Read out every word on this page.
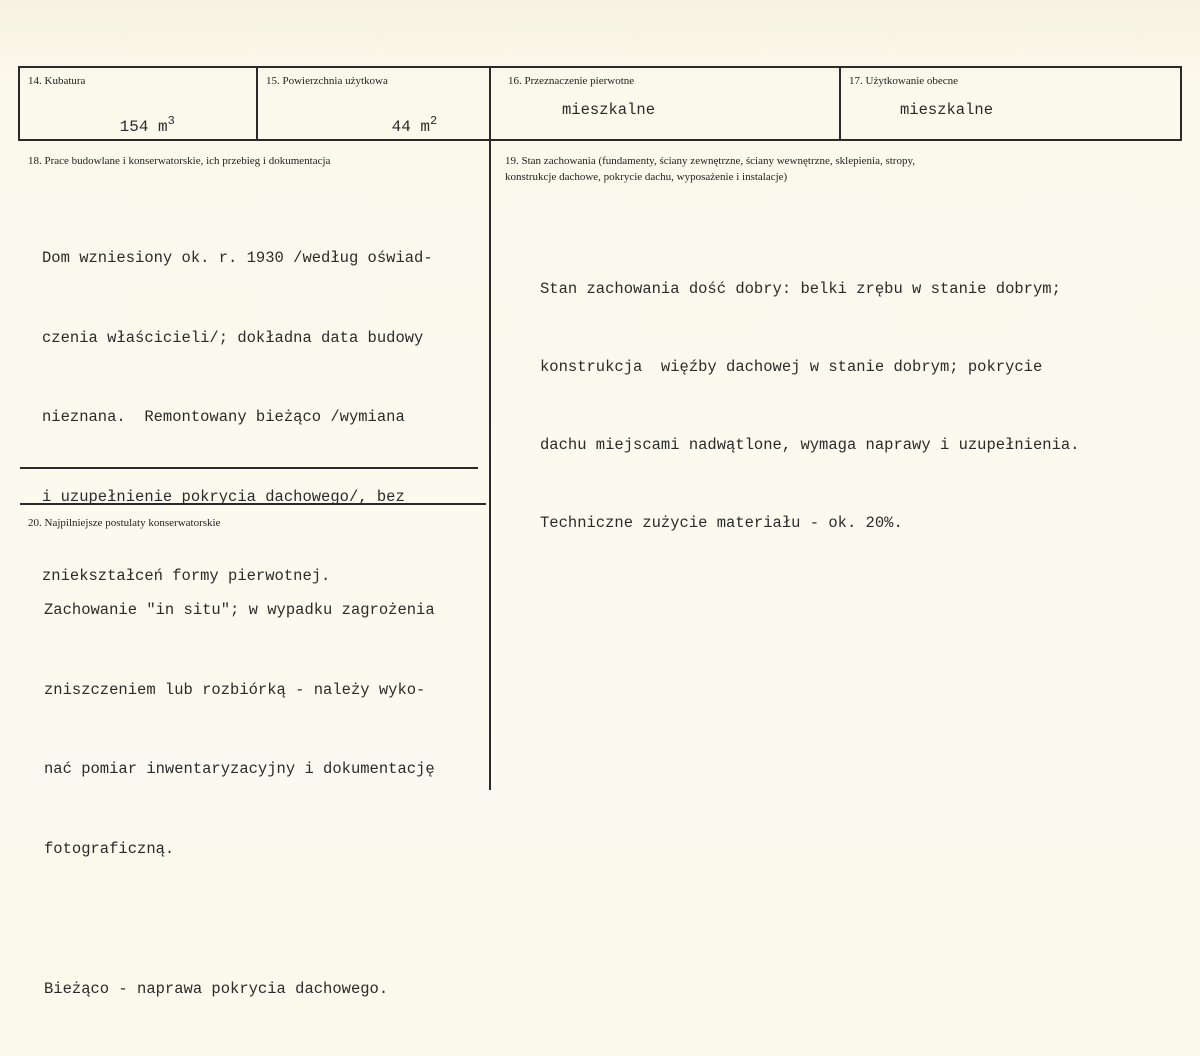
14. Kubatura

154 $m^3$

15. Powierzchnia użytkowa

44 $m^2$

16. Przeznaczenie pierwotne
mieszkalne
17. Użytkowanie obecne
mieszkalne
18. Prace budowlane i konserwatorskie, ich przebieg i dokumentacja

Dom wzniesiony ok. r. 1930 /według oświad-

czenia właścicieli/; dokładna data budowy

nieznana.  Remontowany bieżąco /wymiana

i uzupełnienie pokrycia dachowego/, bez

zniekształceń formy pierwotnej.

19. Stan zachowania (fundamenty, ściany zewnętrzne, ściany wewnętrzne, sklepienia, stropy,
konstrukcje dachowe, pokrycie dachu, wyposażenie i instalacje)

Stan zachowania dość dobry: belki zrębu w stanie dobrym;

konstrukcja  więźby dachowej w stanie dobrym; pokrycie

dachu miejscami nadwątlone, wymaga naprawy i uzupełnienia.

Techniczne zużycie materiału - ok. 20%.

20. Najpilniejsze postulaty konserwatorskie

Zachowanie "in situ"; w wypadku zagrożenia

zniszczeniem lub rozbiórką - należy wyko-

nać pomiar inwentaryzacyjny i dokumentację

fotograficzną.

Bieżąco - naprawa pokrycia dachowego.
